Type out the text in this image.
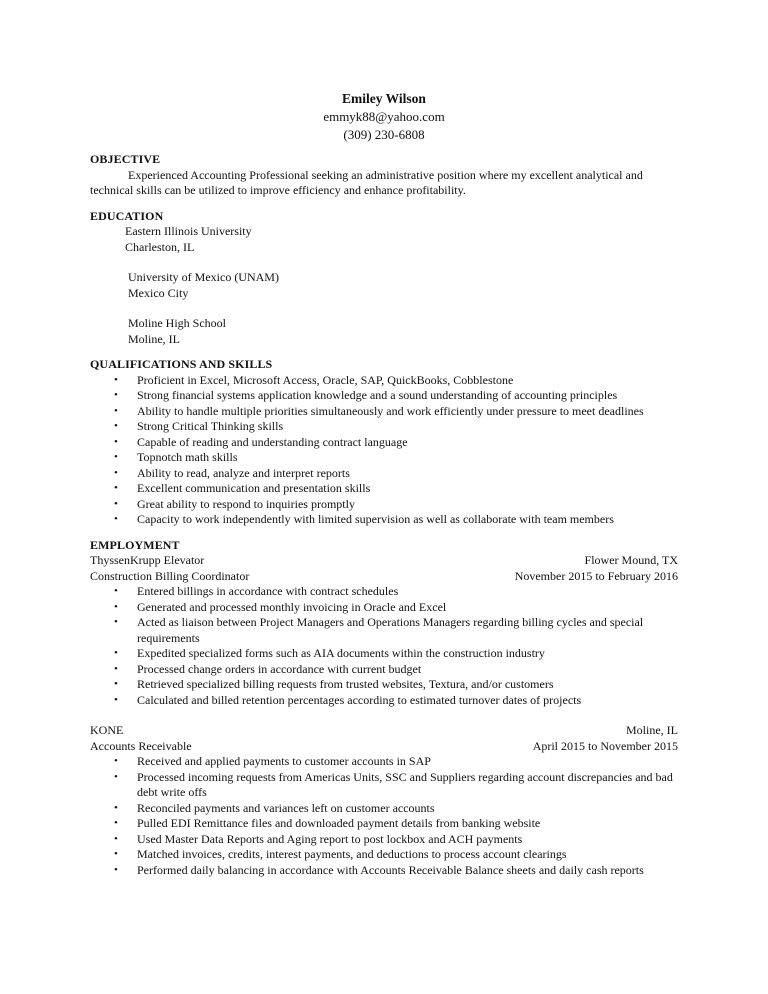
Emiley Wilson
emmyk88@yahoo.com
(309) 230-6808
OBJECTIVE
Experienced Accounting Professional seeking an administrative position where my excellent analytical and technical skills can be utilized to improve efficiency and enhance profitability.
EDUCATION
Eastern Illinois University
Charleston, IL
University of Mexico (UNAM)
Mexico City
Moline High School
Moline, IL
QUALIFICATIONS AND SKILLS
• Proficient in Excel, Microsoft Access, Oracle, SAP, QuickBooks, Cobblestone
• Strong financial systems application knowledge and a sound understanding of accounting principles
• Ability to handle multiple priorities simultaneously and work efficiently under pressure to meet deadlines
• Strong Critical Thinking skills
• Capable of reading and understanding contract language
• Topnotch math skills
• Ability to read, analyze and interpret reports
• Excellent communication and presentation skills
• Great ability to respond to inquiries promptly
• Capacity to work independently with limited supervision as well as collaborate with team members
EMPLOYMENT
ThyssenKrupp Elevator	Flower Mound, TX
Construction Billing Coordinator	November 2015 to February 2016
• Entered billings in accordance with contract schedules
• Generated and processed monthly invoicing in Oracle and Excel
• Acted as liaison between Project Managers and Operations Managers regarding billing cycles and special requirements
• Expedited specialized forms such as AIA documents within the construction industry
• Processed change orders in accordance with current budget
• Retrieved specialized billing requests from trusted websites, Textura, and/or customers
• Calculated and billed retention percentages according to estimated turnover dates of projects
KONE	Moline, IL
Accounts Receivable	April 2015 to November 2015
• Received and applied payments to customer accounts in SAP
• Processed incoming requests from Americas Units, SSC and Suppliers regarding account discrepancies and bad debt write offs
• Reconciled payments and variances left on customer accounts
• Pulled EDI Remittance files and downloaded payment details from banking website
• Used Master Data Reports and Aging report to post lockbox and ACH payments
• Matched invoices, credits, interest payments, and deductions to process account clearings
• Performed daily balancing in accordance with Accounts Receivable Balance sheets and daily cash reports
